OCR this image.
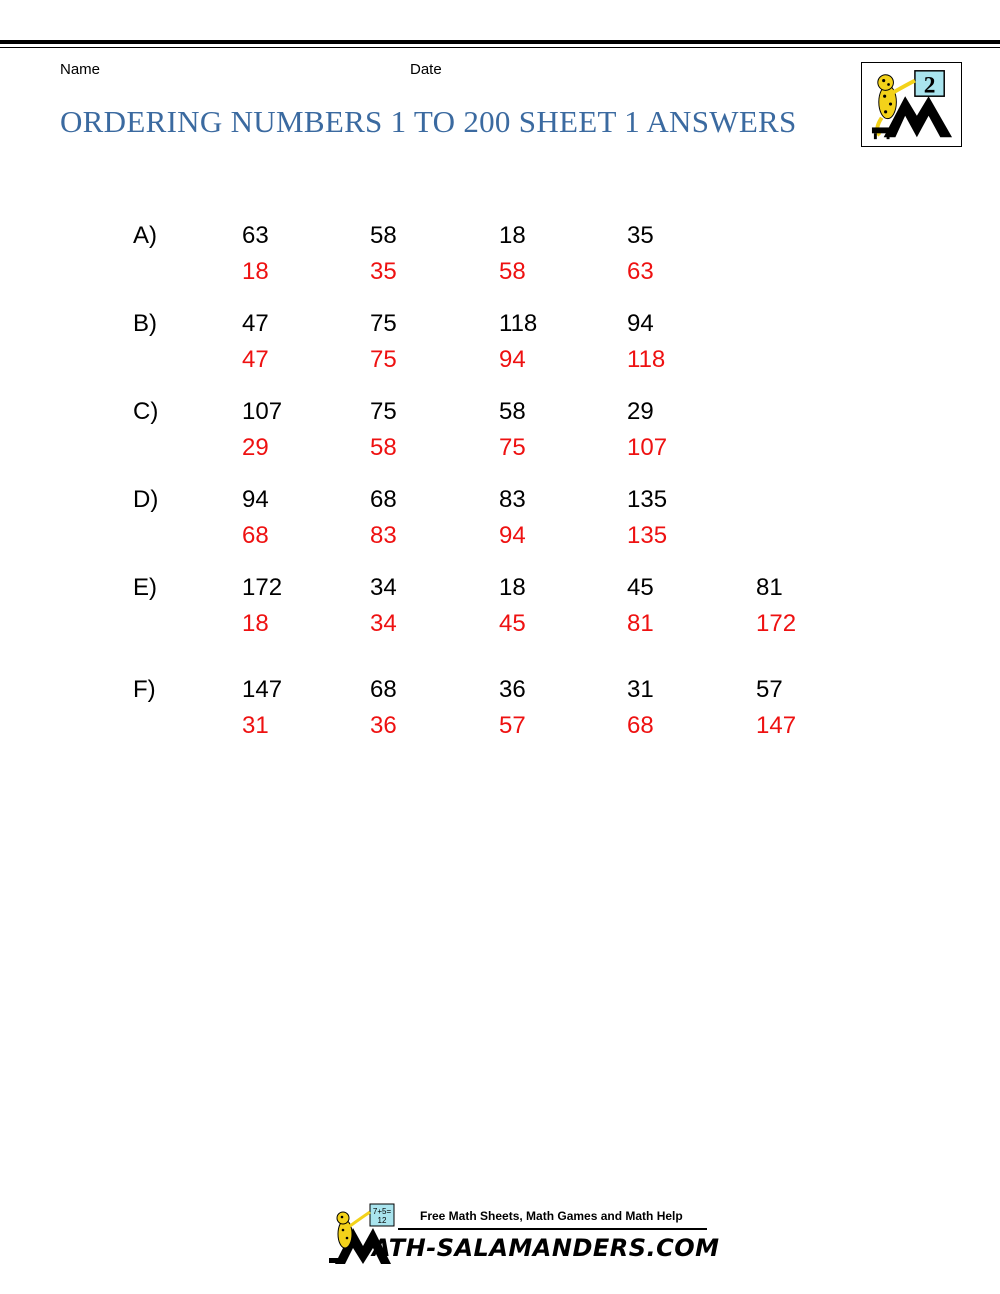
Name	Date
ORDERING NUMBERS 1 TO 200 SHEET 1 ANSWERS
2
A)	63	58	18	35
18	35	58	63
B)	47	75	118	94
47	75	94	118
C)	107	75	58	29
29	58	75	107
D)	94	68	83	135
68	83	94	135
E)	172	34	18	45	81
18	34	45	81	172
F)	147	68	36	31	57
31	36	57	68	147
7+5=
12	Free Math Sheets, Math Games and Math Help
ATH-SALAMANDERS.COM
